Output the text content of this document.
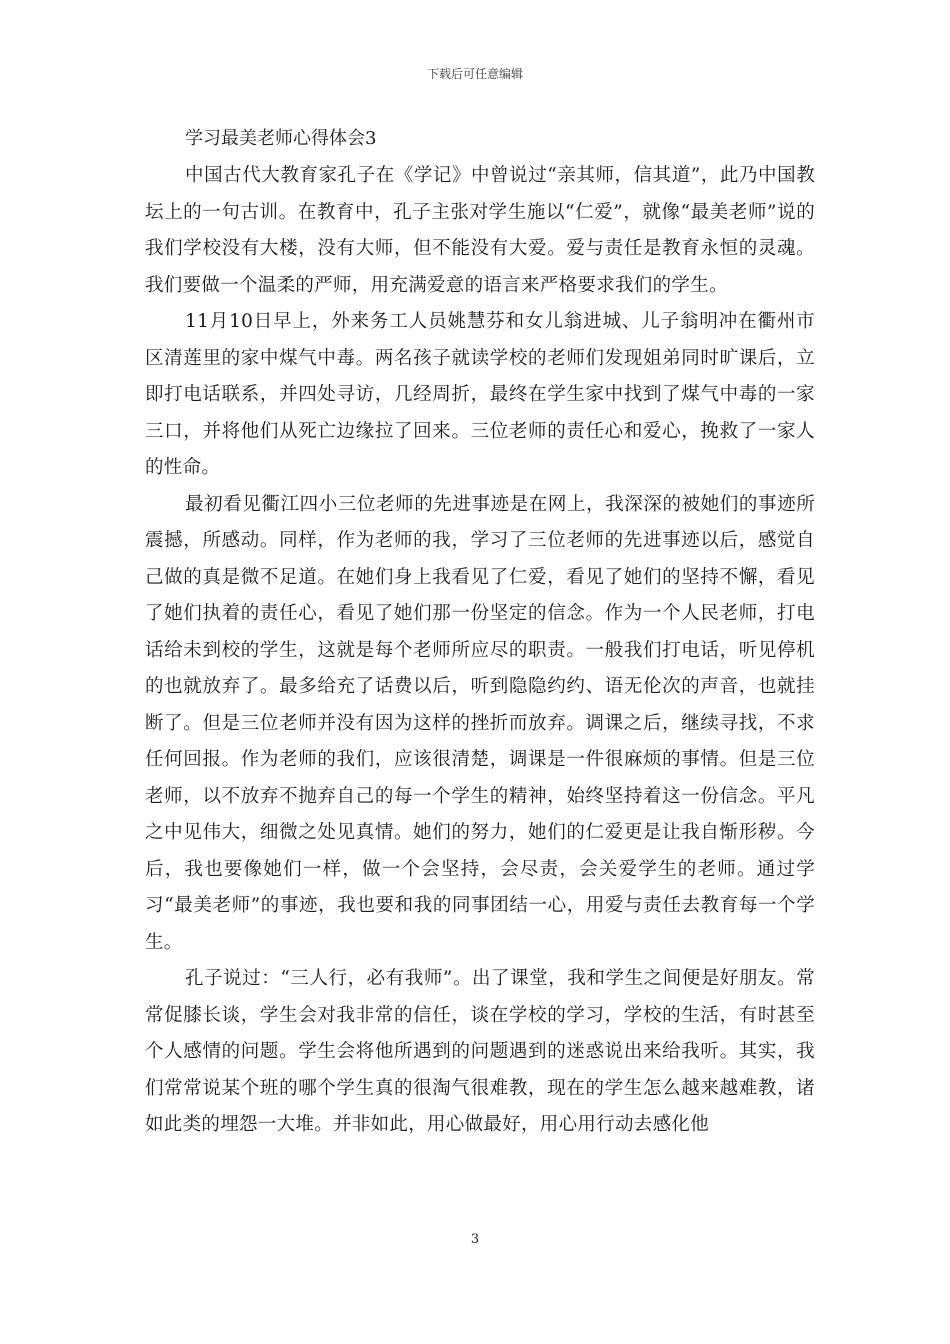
下载后可任意编辑

学习最美老师心得体会3

中国古代大教育家孔子在《学记》中曾说过“亲其师，信其道”，此乃中国教坛上的一句古训。在教育中，孔子主张对学生施以“仁爱”，就像“最美老师”说的我们学校没有大楼，没有大师，但不能没有大爱。爱与责任是教育永恒的灵魂。我们要做一个温柔的严师，用充满爱意的语言来严格要求我们的学生。

11月10日早上，外来务工人员姚慧芬和女儿翁进城、儿子翁明冲在衢州市区清莲里的家中煤气中毒。两名孩子就读学校的老师们发现姐弟同时旷课后，立即打电话联系，并四处寻访，几经周折，最终在学生家中找到了煤气中毒的一家三口，并将他们从死亡边缘拉了回来。三位老师的责任心和爱心，挽救了一家人的性命。

最初看见衢江四小三位老师的先进事迹是在网上，我深深的被她们的事迹所震撼，所感动。同样，作为老师的我，学习了三位老师的先进事迹以后，感觉自己做的真是微不足道。在她们身上我看见了仁爱，看见了她们的坚持不懈，看见了她们执着的责任心，看见了她们那一份坚定的信念。作为一个人民老师，打电话给未到校的学生，这就是每个老师所应尽的职责。一般我们打电话，听见停机的也就放弃了。最多给充了话费以后，听到隐隐约约、语无伦次的声音，也就挂断了。但是三位老师并没有因为这样的挫折而放弃。调课之后，继续寻找，不求任何回报。作为老师的我们，应该很清楚，调课是一件很麻烦的事情。但是三位老师，以不放弃不抛弃自己的每一个学生的精神，始终坚持着这一份信念。平凡之中见伟大，细微之处见真情。她们的努力，她们的仁爱更是让我自惭形秽。今后，我也要像她们一样，做一个会坚持，会尽责，会关爱学生的老师。通过学习“最美老师”的事迹，我也要和我的同事团结一心，用爱与责任去教育每一个学生。

孔子说过：“三人行，必有我师”。出了课堂，我和学生之间便是好朋友。常常促膝长谈，学生会对我非常的信任，谈在学校的学习，学校的生活，有时甚至个人感情的问题。学生会将他所遇到的问题遇到的迷惑说出来给我听。其实，我们常常说某个班的哪个学生真的很淘气很难教，现在的学生怎么越来越难教，诸如此类的埋怨一大堆。并非如此，用心做最好，用心用行动去感化他

3
